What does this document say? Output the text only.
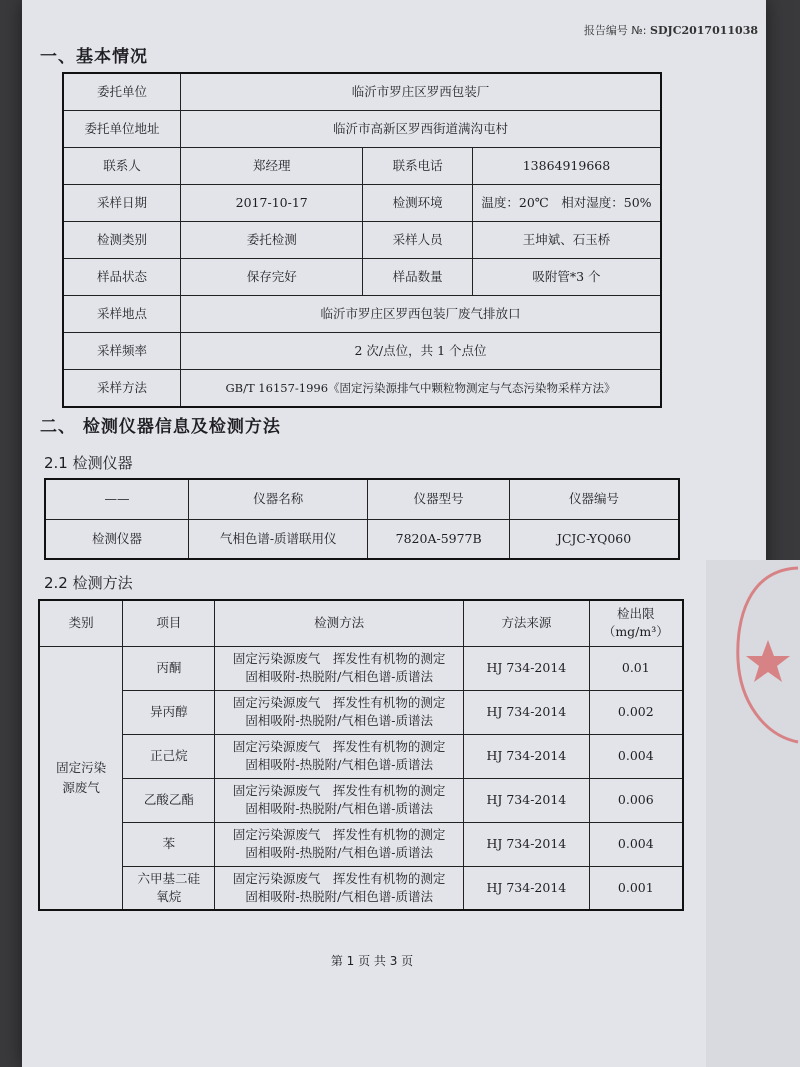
报告编号 №: SDJC2017011038
一、基本情况
委托单位	临沂市罗庄区罗西包装厂		
委托单位地址	临沂市高新区罗西街道满沟屯村		
联系人	郑经理	联系电话	13864919668
采样日期	2017-10-17	检测环境	温度：20℃　相对湿度：50%
检测类别	委托检测	采样人员	王坤斌、石玉桥
样品状态	保存完好	样品数量	吸附管*3 个
采样地点	临沂市罗庄区罗西包装厂废气排放口		
采样频率	2 次/点位，共 1 个点位		
采样方法	GB/T 16157-1996《固定污染源排气中颗粒物测定与气态污染物采样方法》		
二、 检测仪器信息及检测方法
2.1 检测仪器
——	仪器名称	仪器型号	仪器编号
检测仪器	气相色谱-质谱联用仪	7820A-5977B	JCJC-YQ060
2.2 检测方法
类别	项目	检测方法	方法来源	检出限
（mg/m³）

固定污染源废气	丙酮	固定污染源废气　挥发性有机物的测定
固相吸附-热脱附/气相色谱-质谱法	HJ 734-2014	0.01
	异丙醇	固定污染源废气　挥发性有机物的测定
固相吸附-热脱附/气相色谱-质谱法	HJ 734-2014	0.002
	正己烷	固定污染源废气　挥发性有机物的测定
固相吸附-热脱附/气相色谱-质谱法	HJ 734-2014	0.004
	乙酸乙酯	固定污染源废气　挥发性有机物的测定
固相吸附-热脱附/气相色谱-质谱法	HJ 734-2014	0.006
	苯	固定污染源废气　挥发性有机物的测定
固相吸附-热脱附/气相色谱-质谱法	HJ 734-2014	0.004

	六甲基二硅氧烷	固定污染源废气　挥发性有机物的测定
固相吸附-热脱附/气相色谱-质谱法	HJ 734-2014	0.001
第 1 页 共 3 页
